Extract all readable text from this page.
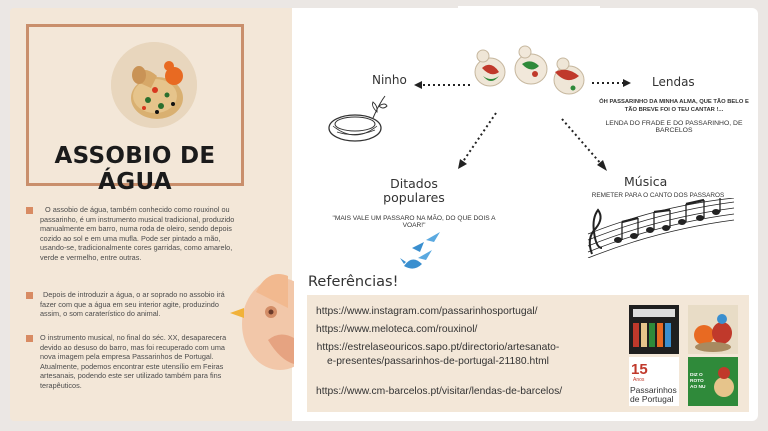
ASSOBIO DE ÁGUA
O assobio de água, também conhecido como rouxinol ou passarinho, é um instrumento musical tradicional, produzido manualmente em barro, numa roda de oleiro, sendo depois cozido ao sol e em uma mufla. Pode ser pintado a mão, usando-se, tradicionalmente cores garridas, como amarelo, verde e vermelho, entre outras.
Depois de introduzir a água, o ar soprado no assobio irá fazer com que a água em seu interior agite, produzindo assim, o som caraterístico do animal.
O instrumento musical, no final do séc. XX, desaparecera devido ao desuso do barro, mas foi recuperado com uma nova imagem pela empresa Passarinhos de Portugal. Atualmente, podemos encontrar este utensílio em Feiras artesanais, podendo este ser utilizado também para fins terapêuticos.
Ninho	Lendas
ÓH PASSARINHO DA MINHA ALMA, QUE TÃO BELO E TÃO BREVE FOI O TEU CANTAR !...
LENDA DO FRADE E DO PASSARINHO, DE BARCELOS
Ditados populares
"MAIS VALE UM PASSARO NA MÃO, DO QUE DOIS A VOAR!"
Música
REMETER PARA O CANTO DOS PASSAROS
Referências!
https://www.instagram.com/passarinhosportugal/
https://www.meloteca.com/rouxinol/
https://estrelaseouricos.sapo.pt/directorio/artesanato-e-presentes/passarinhos-de-portugal-21180.html
https://www.cm-barcelos.pt/visitar/lendas-de-barcelos/
15
Anos
Passarinhos de Portugal
DIZ O ROTO AO NU
